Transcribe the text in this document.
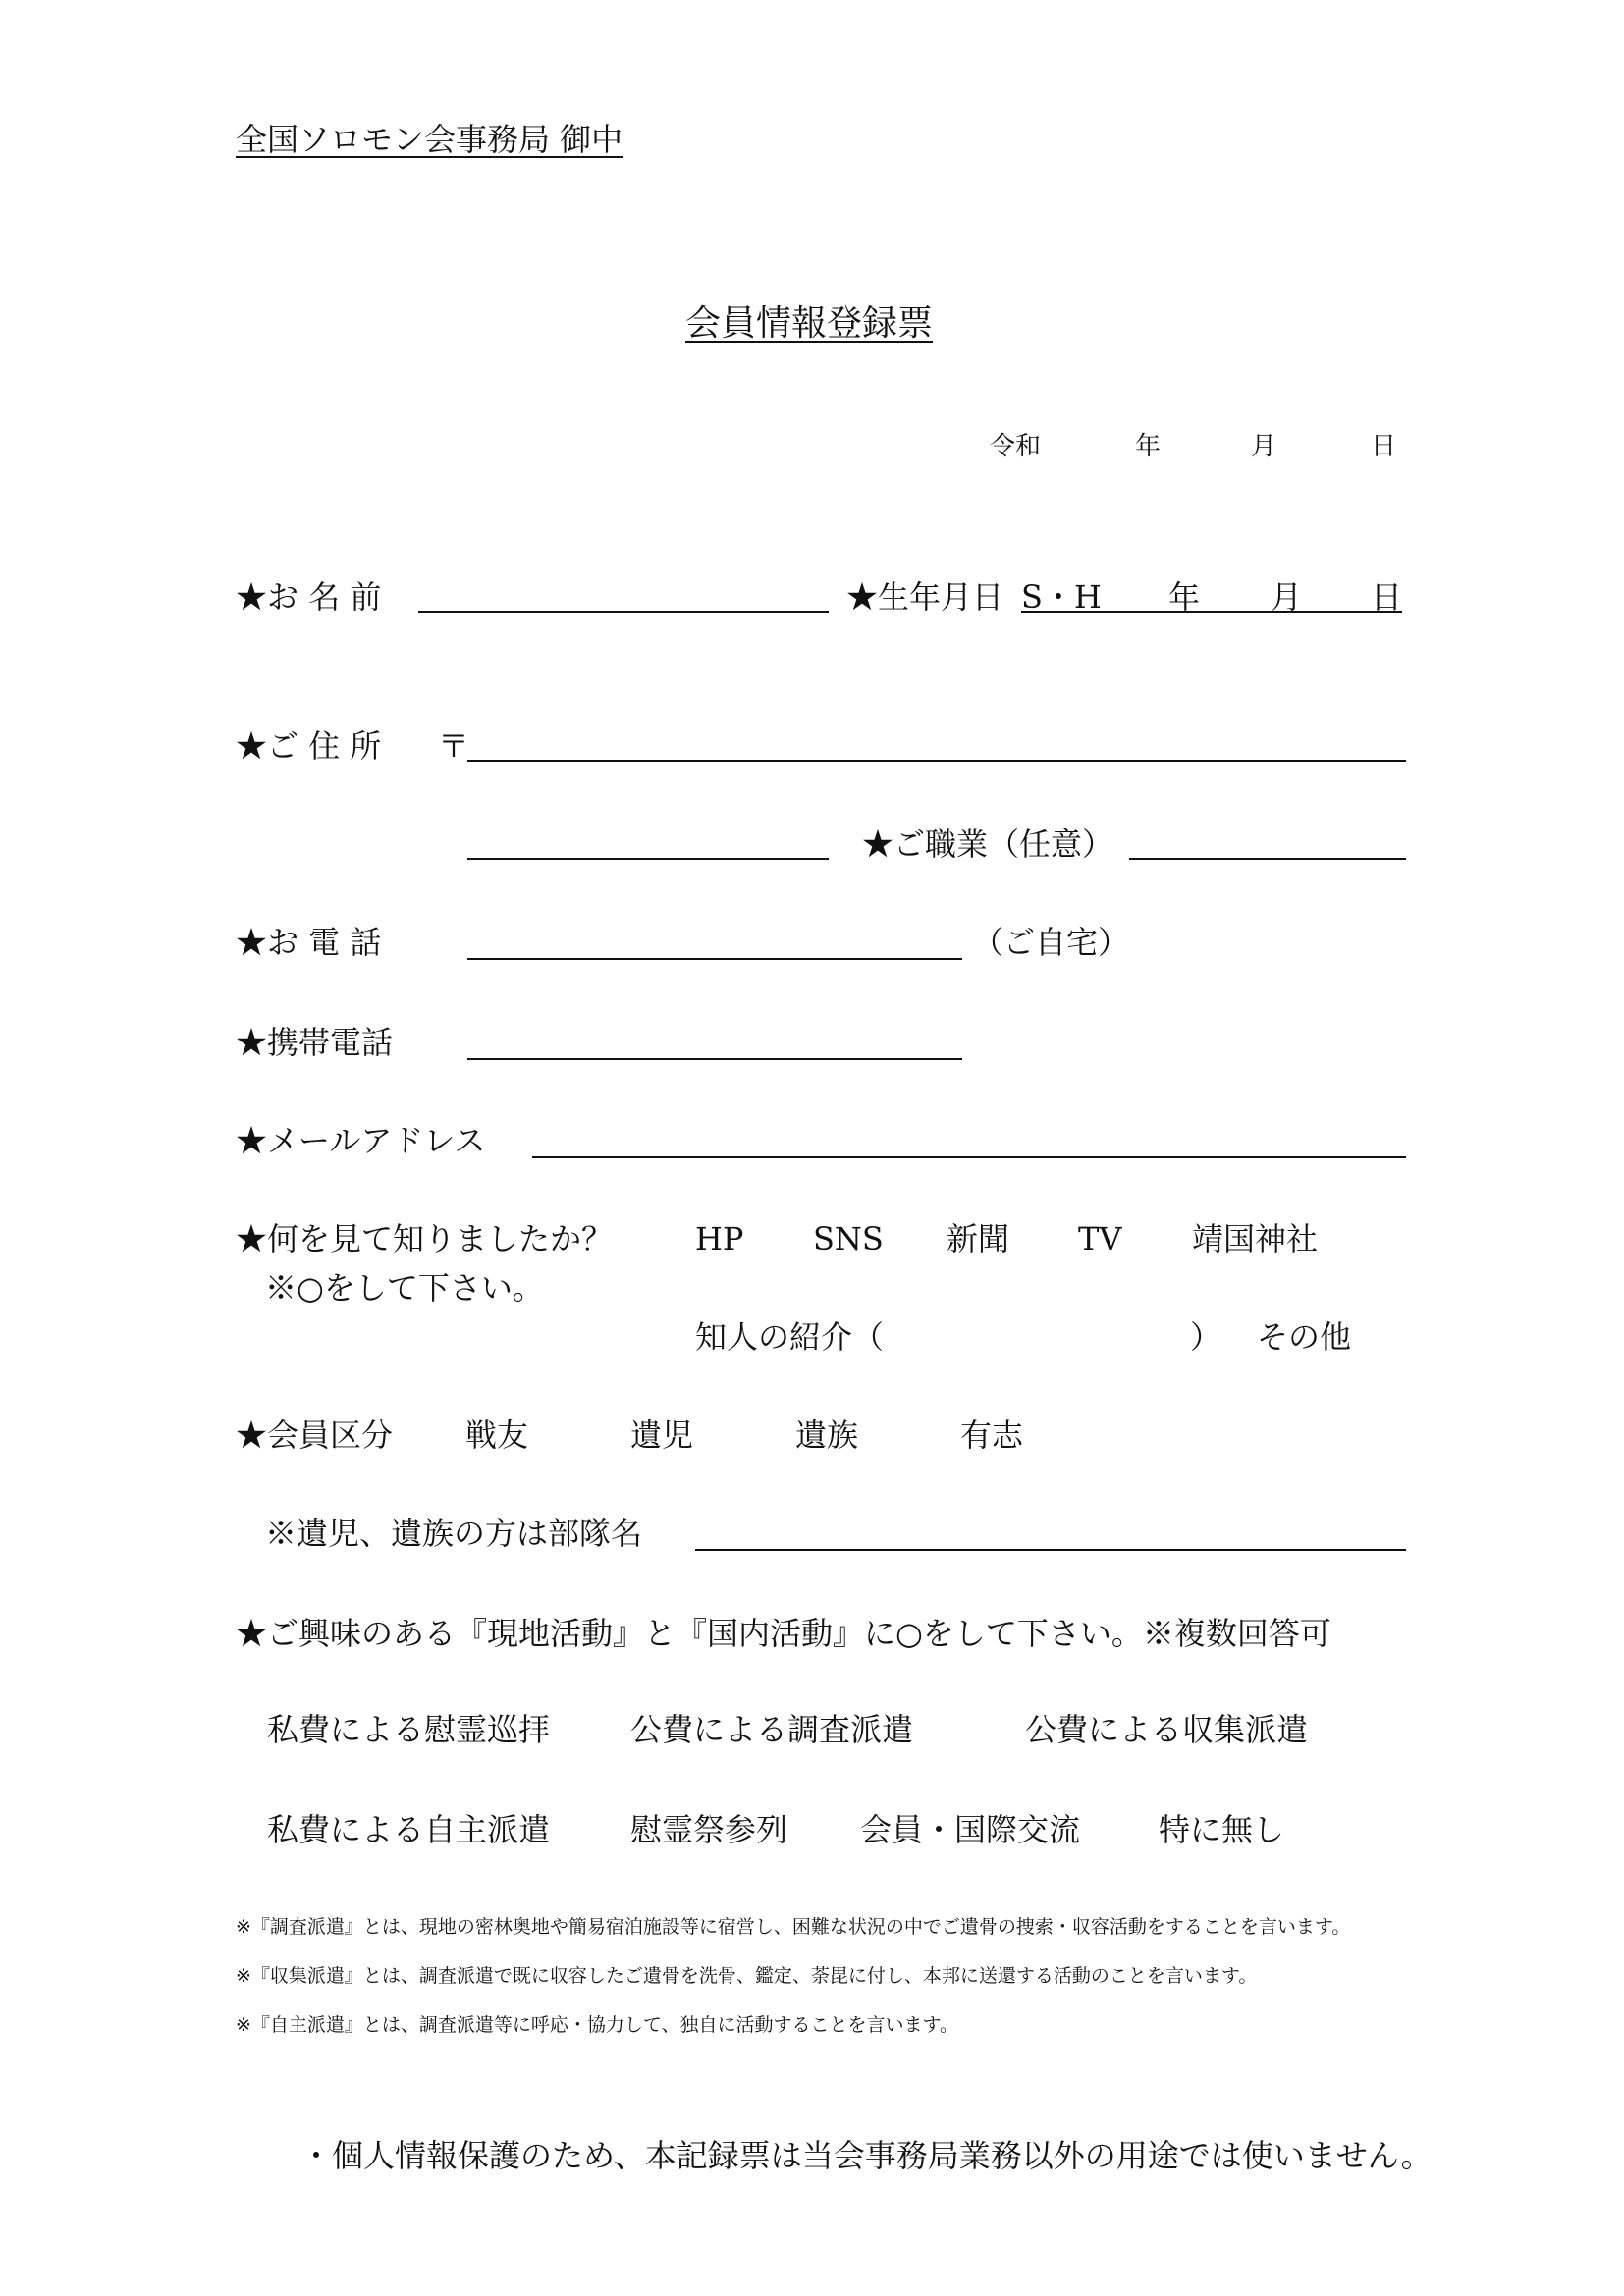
全国ソロモン会事務局 御中
会員情報登録票
令和	年	月	日
★お 名 前	★生年月日 S・H 年 月 日
★ご 住 所 〒
★ご職業（任意）
★お 電 話	（ご自宅）
★携帯電話
★メールアドレス
★何を見て知りましたか？	HP SNS 新聞 TV 靖国神社
※○をして下さい。
知人の紹介（	） その他
★会員区分 戦友	遺児	遺族	有志
※遺児、遺族の方は部隊名
★ご興味のある『現地活動』と『国内活動』に○をして下さい。※複数回答可
私費による慰霊巡拝	公費による調査派遣	公費による収集派遣
私費による自主派遣	慰霊祭参列 会員・国際交流 特に無し
※『調査派遣』とは、現地の密林奥地や簡易宿泊施設等に宿営し、困難な状況の中でご遺骨の捜索・収容活動をすることを言います。
※『収集派遣』とは、調査派遣で既に収容したご遺骨を洗骨、鑑定、荼毘に付し、本邦に送還する活動のことを言います。
※『自主派遣』とは、調査派遣等に呼応・協力して、独自に活動することを言います。
・個人情報保護のため、本記録票は当会事務局業務以外の用途では使いません。
